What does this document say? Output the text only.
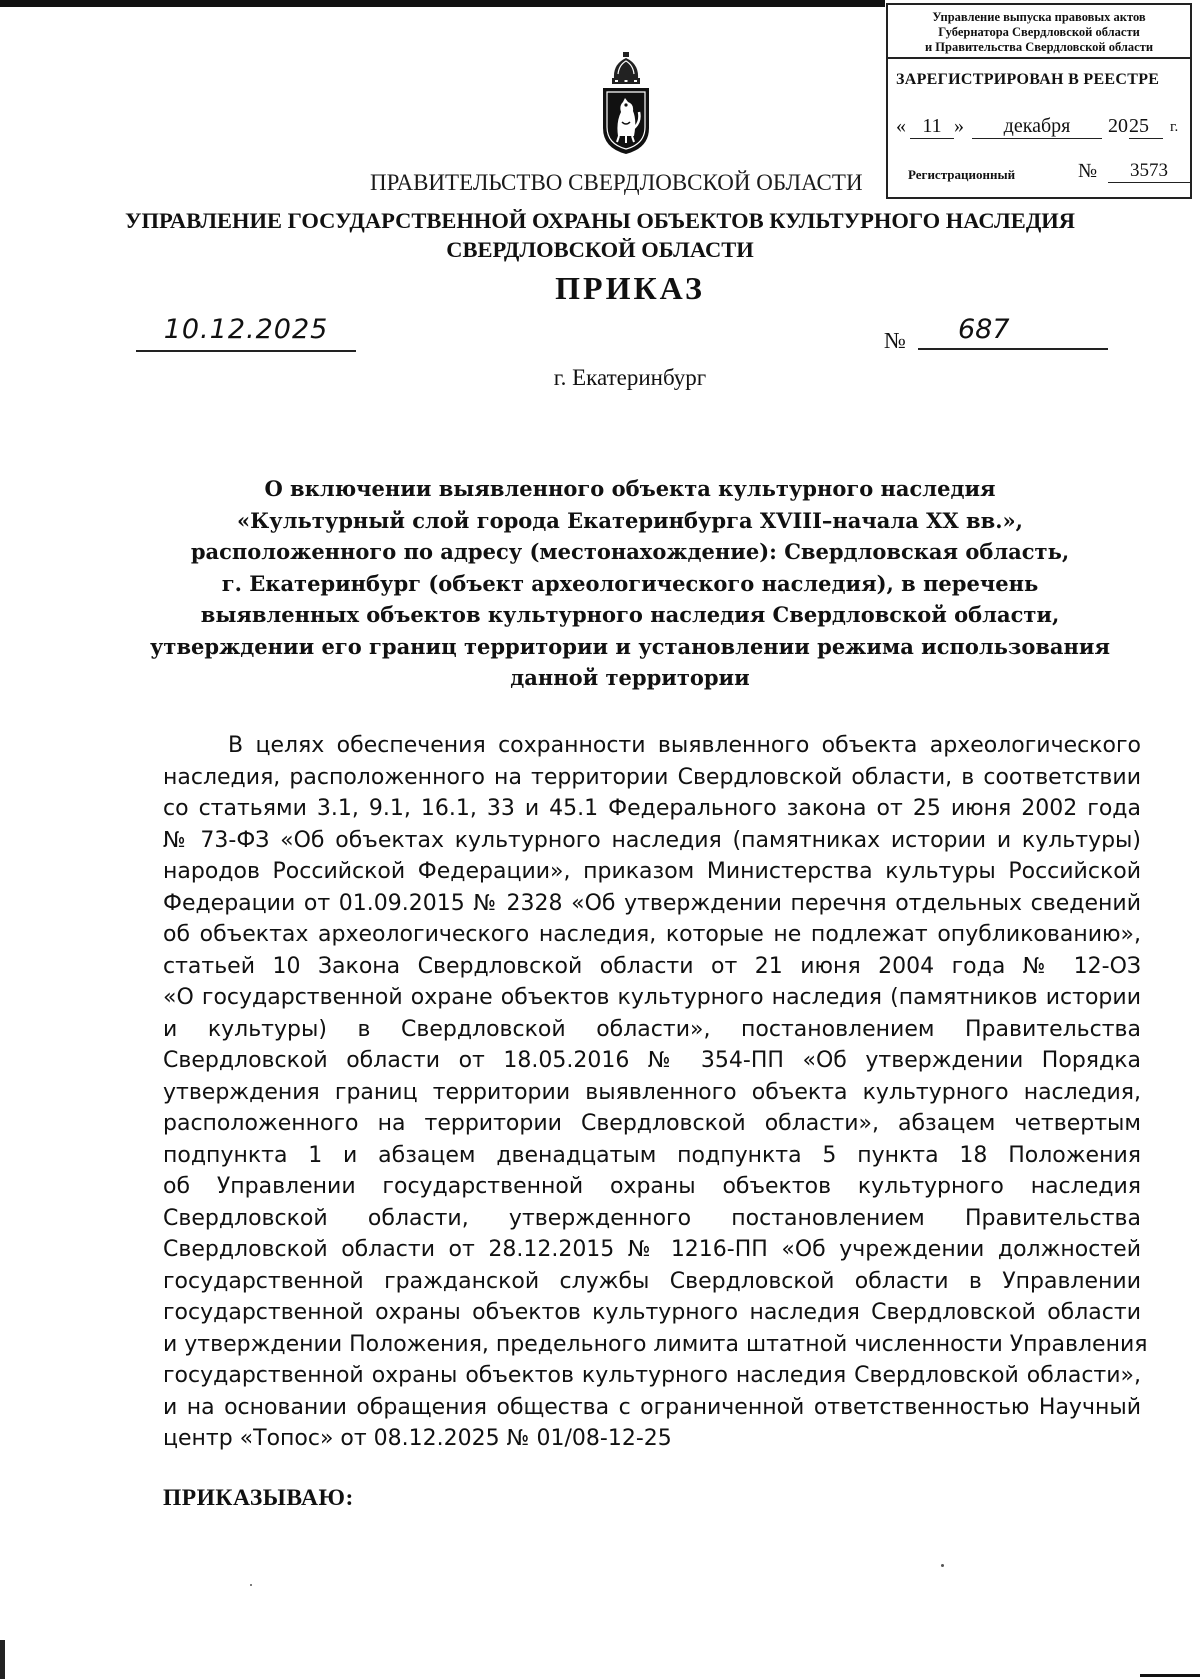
Управление выпуска правовых актов
Губернатора Свердловской области
и Правительства Свердловской области
ЗАРЕГИСТРИРОВАН В РЕЕСТРЕ
« 11 »	декабря	20 25	г.
Регистрационный	№	3573
ПРАВИТЕЛЬСТВО СВЕРДЛОВСКОЙ ОБЛАСТИ
УПРАВЛЕНИЕ ГОСУДАРСТВЕННОЙ ОХРАНЫ ОБЪЕКТОВ КУЛЬТУРНОГО НАСЛЕДИЯ
СВЕРДЛОВСКОЙ ОБЛАСТИ
ПРИКАЗ
10.12.2025	№	687
г. Екатеринбург
О включении выявленного объекта культурного наследия
«Культурный слой города Екатеринбурга XVIII–начала XX вв.»,
расположенного по адресу (местонахождение): Свердловская область,
г. Екатеринбург (объект археологического наследия), в перечень
выявленных объектов культурного наследия Свердловской области,
утверждении его границ территории и установлении режима использования
данной территории
В целях обеспечения сохранности выявленного объекта археологического
наследия, расположенного на территории Свердловской области, в соответствии
со статьями 3.1, 9.1, 16.1, 33 и 45.1 Федерального закона от 25 июня 2002 года
№ 73-ФЗ «Об объектах культурного наследия (памятниках истории и культуры)
народов Российской Федерации», приказом Министерства культуры Российской
Федерации от 01.09.2015 № 2328 «Об утверждении перечня отдельных сведений
об объектах археологического наследия, которые не подлежат опубликованию»,
статьей 10 Закона Свердловской области от 21 июня 2004 года № 12-ОЗ
«О государственной охране объектов культурного наследия (памятников истории
и культуры) в Свердловской области», постановлением Правительства
Свердловской области от 18.05.2016 № 354-ПП «Об утверждении Порядка
утверждения границ территории выявленного объекта культурного наследия,
расположенного на территории Свердловской области», абзацем четвертым
подпункта 1 и абзацем двенадцатым подпункта 5 пункта 18 Положения
об Управлении государственной охраны объектов культурного наследия
Свердловской области, утвержденного постановлением Правительства
Свердловской области от 28.12.2015 № 1216-ПП «Об учреждении должностей
государственной гражданской службы Свердловской области в Управлении
государственной охраны объектов культурного наследия Свердловской области
и утверждении Положения, предельного лимита штатной численности Управления
государственной охраны объектов культурного наследия Свердловской области»,
и на основании обращения общества с ограниченной ответственностью Научный
центр «Топос» от 08.12.2025 № 01/08-12-25
ПРИКАЗЫВАЮ:
